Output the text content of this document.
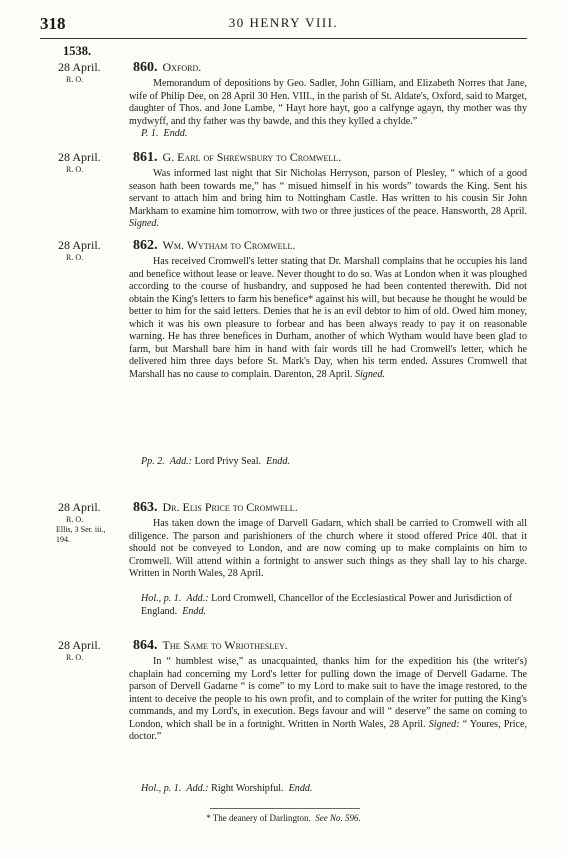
318	30 HENRY VIII.
1538.
28 April.
R. O.
860. Oxford.
Memorandum of depositions by Geo. Sadler, John Gilliam, and Elizabeth Norres that Jane, wife of Philip Dee, on 28 April 30 Hen. VIII., in the parish of St. Aldate's, Oxford, said to Marget, daughter of Thos. and Jone Lambe, “ Hayt hore hayt, goo a calfynge agayn, thy mother was thy mydwyff, and thy father was thy bawde, and this they kylled a chylde.”
P. 1. Endd.
28 April.
R. O.
861. G. Earl of Shrewsbury to Cromwell.
Was informed last night that Sir Nicholas Herryson, parson of Plesley, “ which of a good season hath been towards me,” has “ misued himself in his words” towards the King. Sent his servant to attach him and bring him to Nottingham Castle. Has written to his cousin Sir John Markham to examine him tomorrow, with two or three justices of the peace. Hansworth, 28 April. Signed.
28 April.
R. O.
862. Wm. Wytham to Cromwell.
Has received Cromwell's letter stating that Dr. Marshall complains that he occupies his land and benefice without lease or leave. Never thought to do so. Was at London when it was ploughed according to the course of husbandry, and supposed he had been contented therewith. Did not obtain the King's letters to farm his benefice* against his will, but because he thought he would be better to him for the said letters. Denies that he is an evil debtor to him of old. Owed him money, which it was his own pleasure to forbear and has been always ready to pay it on reasonable warning. He has three benefices in Durham, another of which Wytham would have been glad to farm, but Marshall bare him in hand with fair words till he had Cromwell's letter, which he delivered him three days before St. Mark's Day, when his term ended. Assures Cromwell that Marshall has no cause to complain. Darenton, 28 April. Signed.
Pp. 2. Add.: Lord Privy Seal. Endd.
28 April.
R. O.
Ellis, 3 Ser. iii., 194.
863. Dr. Elis Price to Cromwell.
Has taken down the image of Darvell Gadarn, which shall be carried to Cromwell with all diligence. The parson and parishioners of the church where it stood offered Price 40l. that it should not be conveyed to London, and are now coming up to make complaints on him to Cromwell. Will attend within a fortnight to answer such things as they shall lay to his charge. Written in North Wales, 28 April.
Hol., p. 1. Add.: Lord Cromwell, Chancellor of the Ecclesiastical Power and Jurisdiction of England. Endd.
28 April.
R. O.
864. The Same to Wriothesley.
In “ humblest wise,” as unacquainted, thanks him for the expedition his (the writer's) chaplain had concerning my Lord's letter for pulling down the image of Dervell Gadarne. The parson of Dervell Gadarne “ is come” to my Lord to make suit to have the image restored, to the intent to deceive the people to his own profit, and to complain of the writer for putting the King's commands, and my Lord's, in execution. Begs favour and will “ deserve” the same on coming to London, which shall be in a fortnight. Written in North Wales, 28 April. Signed: “ Youres, Price, doctor.”
Hol., p. 1. Add.: Right Worshipful. Endd.
* The deanery of Darlington. See No. 596.
